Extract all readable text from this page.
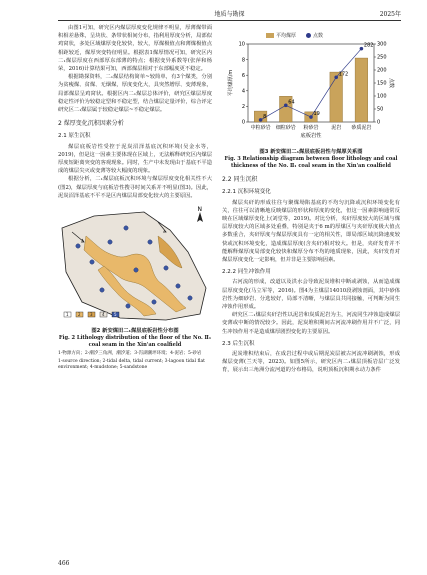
地质与勘探	2025年

由图1可知，研究区内煤层厚度变化规律不明显，厚薄煤带面积相差悬殊，呈块状、条带状相间分布，指利用厚度分析，局部似鸡窝状，多处区域煤厚变化较快，较大，厚煤极值点和薄煤极值点相距较近，煤厚突变特征明显。根据表1煤厚情况可知，研究区内二₁煤层厚度在西部厚东部薄的特点；根据变异系数等(张萍和杨荣，2016)计算结果可知，西部煤层相对于东部幅度更不稳定。

根据勘探资料，二₁煤层结构简单~较简单，有3个煤类，分别为贫瘦煤、贫煤、无烟煤，厚度变化大，具突然增厚、变薄现象，局部煤层呈鸡窝状。根据区内二₁煤层总体评价，研究区煤层厚度稳定性评价为较稳定型和不稳定型，结合煤层定量评价，综合评定研究区二₁煤层属于较稳定煤层~不稳定煤层。

2 煤厚变化沉积因素分析
2.1 原生沉积

煤层底板岩性受控于泥炭沼泽基底沉积环境(吴金水等，2019)，但是这一因素主要体现在区域上，无法解释研究区内煤层厚度短距离突变的客观现象。同时，生产中未发现由于基底不平造成的煤层尖灭或变薄等较大幅度的现象。

根据分析，二₁煤层底板沉积环境与煤层厚度变化相关性不大(图2)，煤层厚度与底板岩性搜寻时间关系并不明显(图3)。因此，泥炭沼泽基底不平不是区内煤层局部变化较大的主要原因。

N
1 2 3 4 5
图2 新安煤田二₁煤层底板岩性分布图
Fig. 2 Lithology distribution of the floor of the No. Ⅱ₁ coal seam in the Xin'an coalfield
1-物源方向；2-潮汐三角洲，潮汐道；3-泻湖潮坪环境；4-泥岩；5-砂岩
1-source direction; 2-tidal delta, tidal current; 3-lagoon tidal flat environment; 4-mudstone; 5-sandstone
0
2
4
6
8
10
0
50
100
150
200
250
300
中粒砂岩 细粒砂岩 粉砂岩	泥岩 砂质泥岩
8
64
19
172
282
底板岩性
平均煤厚/m	点数
平均煤厚	点数
图3 新安煤田二₁煤层底板岩性与煤厚关系图
Fig. 3 Relationship diagram between floor lithology and coal thickness of the No. Ⅱ₁ coal seam in the Xin'an coalfield
2.2 同生沉积
2.2.1 沉积环境变化

煤层夹矸的形成往往与聚煤坳陷基底的不均匀沉降或沉积环境变化有关，往往可以清晰地反映煤层的形状和厚度的变化，但这一因素影响通常反映在区域煤厚变化上(刘堂等，2019)。对比分析，夹矸厚度较大的区域与煤层厚度较大的区域多处重叠，特别是夹于6 m的厚煤区与夹矸厚度极大值点多数重合，夹矸厚度与煤层厚度具有一定的相关性，即局部区域沉降速度较快或沉积环境变化，造成煤层厚度(含夹矸)相对较大。但是，夹矸发育并不能解释煤厚度局部变化较快和煤厚分布不均的地质现象，因此，夹矸发育对煤层厚度变化一定影响，但并非是主要影响因素。

2.2.2 同生冲蚀作用

古河流的形成，改道以及洪水会导致泥炭堆积中断或剥蚀，从而造成煤层厚度变化(马立军等，2016)。图4为主煤层14010段剥蚀剖面，其中砂体岩性为细砂岩、分选较好，局部不清晰，与煤层具共同接触，可判断为同生冲蚀作用形成。

研究区二₁煤层夹矸岩性以泥岩和炭质泥岩为主，河流同生冲蚀造成煤层变薄或中断的情况较少。因此，泥炭堆积期间古河流冲刷作用并不广泛，同生冲蚀作用不是造成煤厚剧烈变化的主要原因。

2.3 后生沉积

泥炭堆积结束后，在成岩过程中或后期泥炭层被古河流冲刷剥蚀，形成煤层变薄(兰天等，2023)。如图5所示，研究区内二₁煤层顶板岩层广泛发育，展示出三角洲分流河道的分布格局，说明顶板沉积期水动力条件

466
